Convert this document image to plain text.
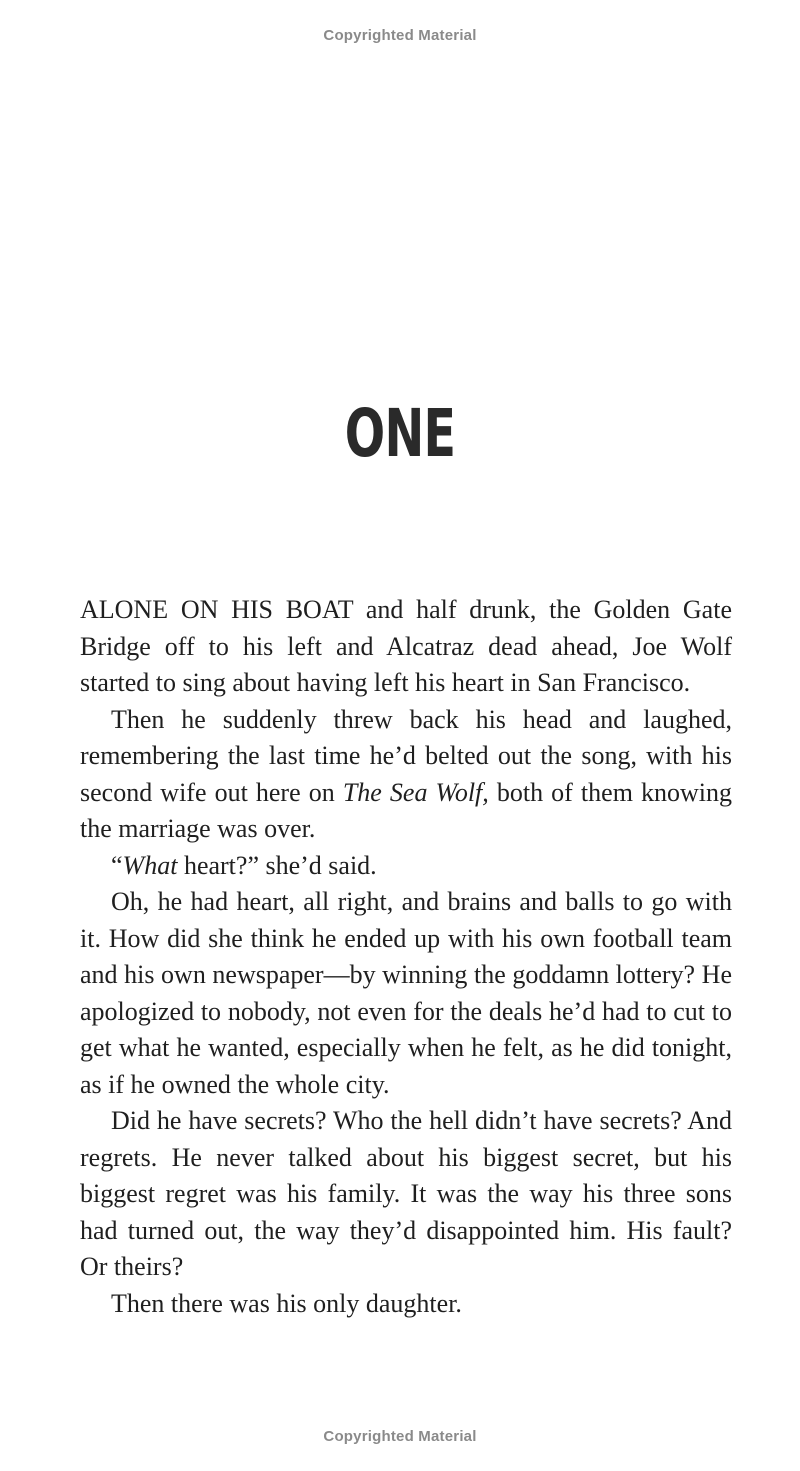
Copyrighted Material
ONE

ALONE ON HIS BOAT and half drunk, the Golden Gate Bridge off to his left and Alcatraz dead ahead, Joe Wolf started to sing about having left his heart in San Francisco.

Then he suddenly threw back his head and laughed, remembering the last time he’d belted out the song, with his second wife out here on The Sea Wolf, both of them knowing the marriage was over.

“What heart?” she’d said.

Oh, he had heart, all right, and brains and balls to go with it. How did she think he ended up with his own football team and his own newspaper—by winning the goddamn lottery? He apologized to nobody, not even for the deals he’d had to cut to get what he wanted, especially when he felt, as he did tonight, as if he owned the whole city.

Did he have secrets? Who the hell didn’t have secrets? And regrets. He never talked about his biggest secret, but his biggest regret was his family. It was the way his three sons had turned out, the way they’d disappointed him. His fault? Or theirs?

Then there was his only daughter.

Copyrighted Material
